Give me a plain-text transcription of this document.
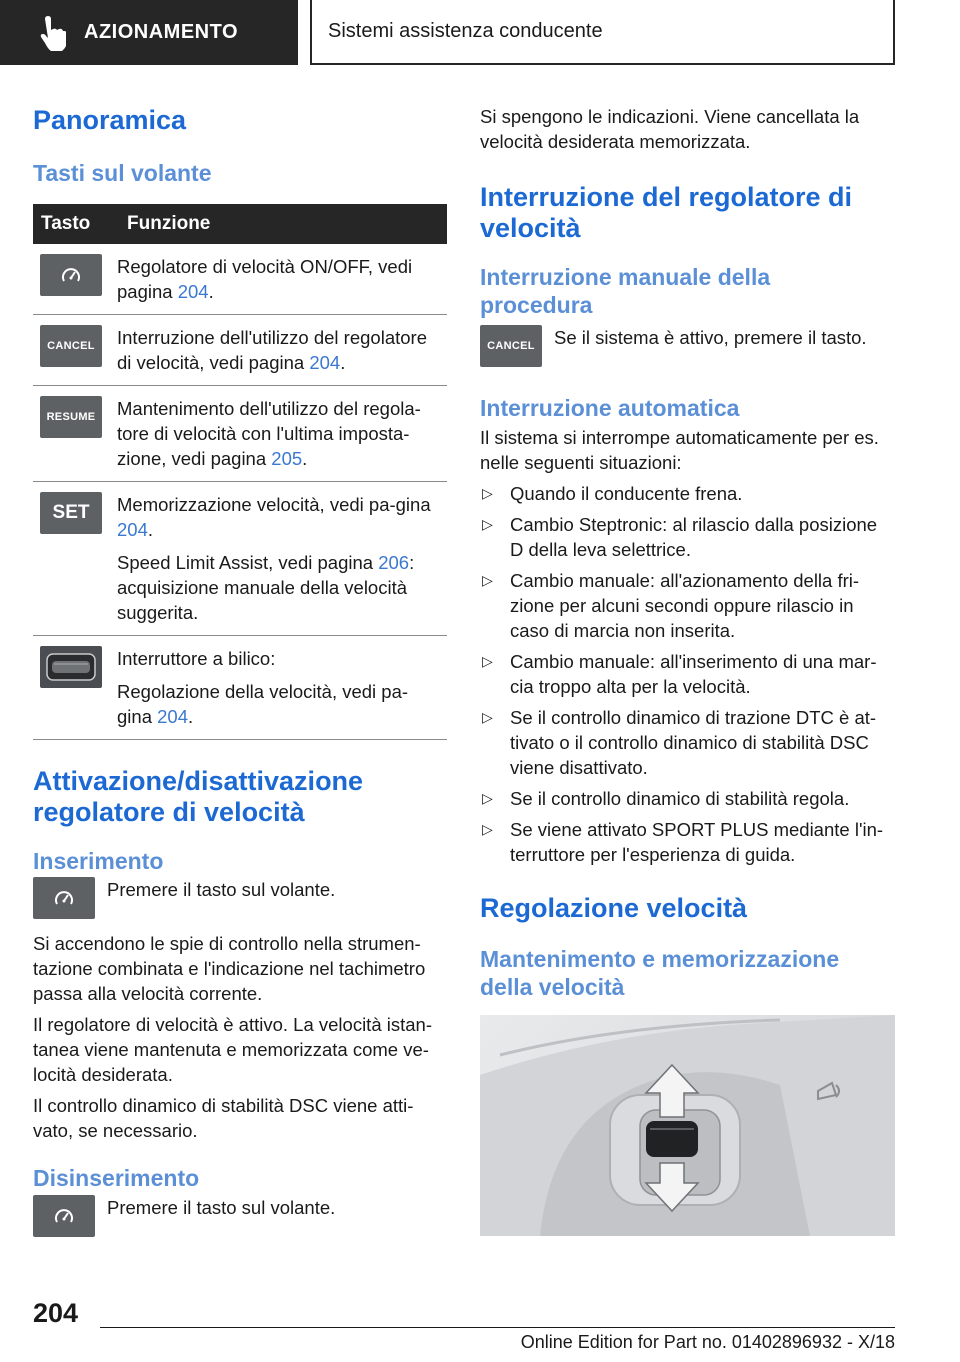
AZIONAMENTO	Sistemi assistenza conducente
Panoramica
Tasti sul volante
Tasto	Funzione

Regolatore di velocità ON/OFF, vedi pagina 204.

CANCEL	Interruzione dell'utilizzo del regolatore di velocità, vedi pagina 204.

RESUME	Mantenimento dell'utilizzo del regola-tore di velocità con l'ultima imposta-zione, vedi pagina 205.

SET	Memorizzazione velocità, vedi pa-gina 204.

Speed Limit Assist, vedi pagina 206: acquisizione manuale della velocità suggerita.

Interruttore a bilico:

Regolazione della velocità, vedi pa-gina 204.

Attivazione/disattivazione
regolatore di velocità
Inserimento

Premere il tasto sul volante.

Si accendono le spie di controllo nella strumen-tazione combinata e l'indicazione nel tachimetro passa alla velocità corrente.

Il regolatore di velocità è attivo. La velocità istan-tanea viene mantenuta e memorizzata come ve-locità desiderata.

Il controllo dinamico di stabilità DSC viene atti-vato, se necessario.

Disinserimento

Premere il tasto sul volante.

Si spengono le indicazioni. Viene cancellata la velocità desiderata memorizzata.

Interruzione del regolatore di
velocità
Interruzione manuale della
procedura
CANCEL	Se il sistema è attivo, premere il tasto.

Interruzione automatica

Il sistema si interrompe automaticamente per es. nelle seguenti situazioni:

▷ Quando il conducente frena.
▷ Cambio Steptronic: al rilascio dalla posizione D della leva selettrice.
▷ Cambio manuale: all'azionamento della fri-zione per alcuni secondi oppure rilascio in caso di marcia non inserita.
▷ Cambio manuale: all'inserimento di una mar-cia troppo alta per la velocità.
▷ Se il controllo dinamico di trazione DTC è at-tivato o il controllo dinamico di stabilità DSC viene disattivato.
▷ Se il controllo dinamico di stabilità regola.
▷ Se viene attivato SPORT PLUS mediante l'in-terruttore per l'esperienza di guida.
Regolazione velocità
Mantenimento e memorizzazione
della velocità
204
Online Edition for Part no. 01402896932 - X/18
